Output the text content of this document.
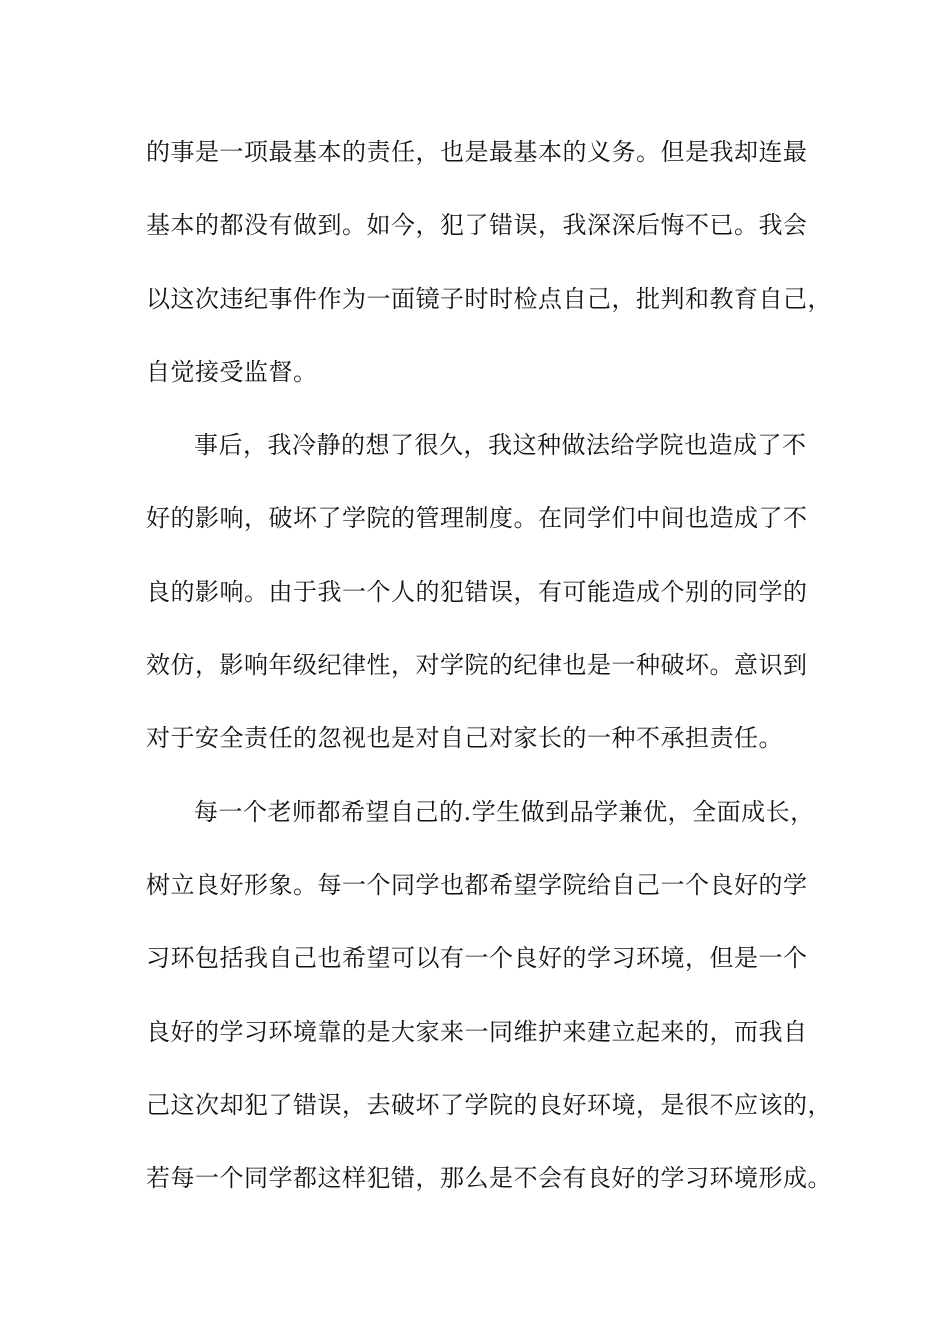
的事是一项最基本的责任，也是最基本的义务。但是我却连最
基本的都没有做到。如今，犯了错误，我深深后悔不已。我会
以这次违纪事件作为一面镜子时时检点自己，批判和教育自己，
自觉接受监督。
事后，我冷静的想了很久，我这种做法给学院也造成了不
好的影响，破坏了学院的管理制度。在同学们中间也造成了不
良的影响。由于我一个人的犯错误，有可能造成个别的同学的
效仿，影响年级纪律性，对学院的纪律也是一种破坏。意识到
对于安全责任的忽视也是对自己对家长的一种不承担责任。
每一个老师都希望自己的.学生做到品学兼优，全面成长，
树立良好形象。每一个同学也都希望学院给自己一个良好的学
习环包括我自己也希望可以有一个良好的学习环境，但是一个
良好的学习环境靠的是大家来一同维护来建立起来的，而我自
己这次却犯了错误，去破坏了学院的良好环境，是很不应该的，
若每一个同学都这样犯错，那么是不会有良好的学习环境形成。
